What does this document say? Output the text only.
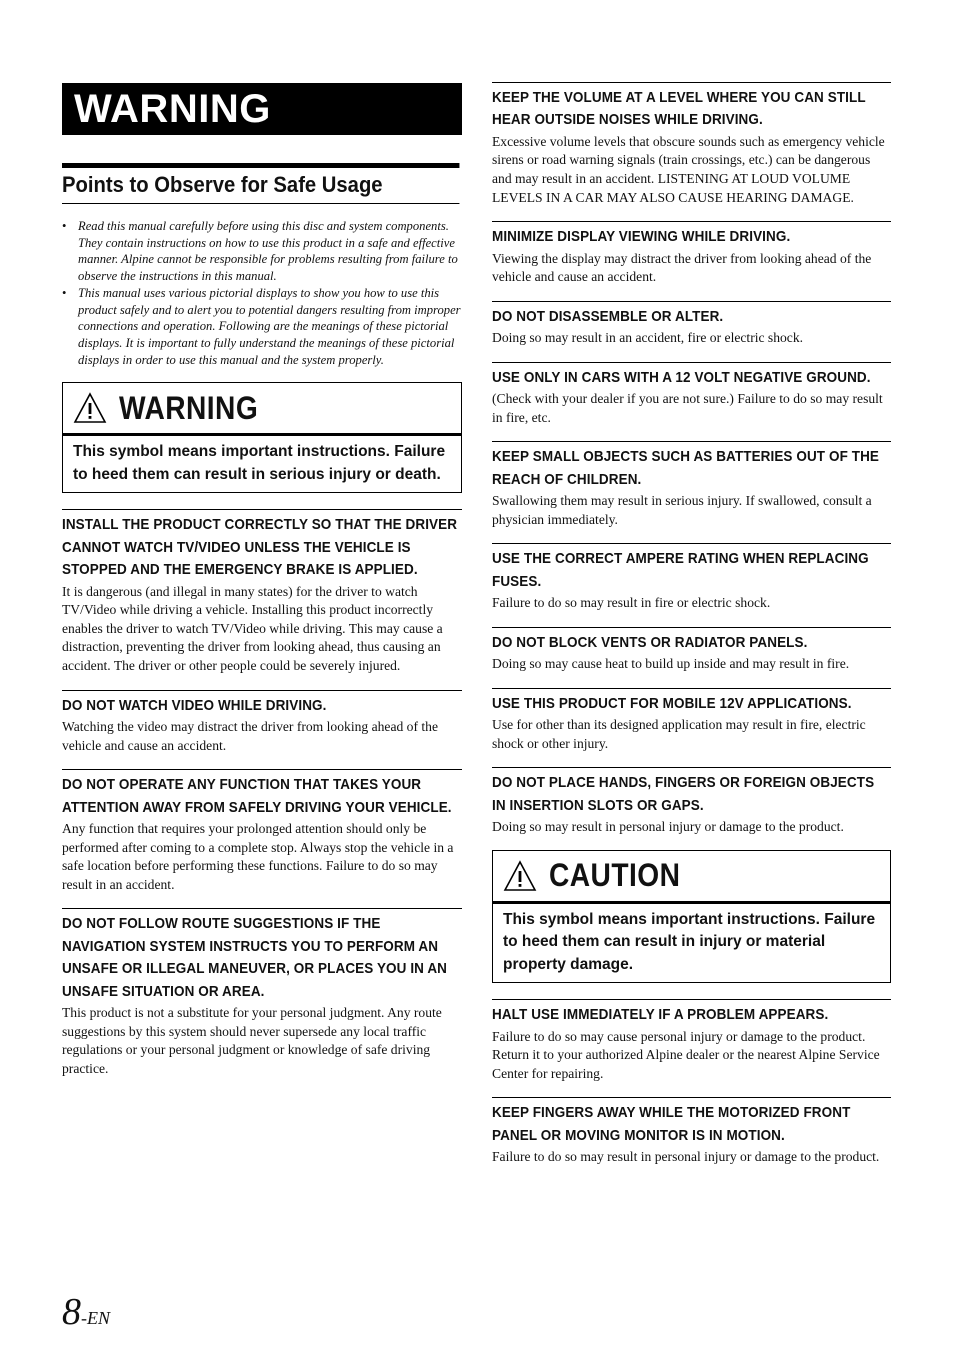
WARNING
Points to Observe for Safe Usage
• Read this manual carefully before using this disc and system components. They contain instructions on how to use this product in a safe and effective manner. Alpine cannot be responsible for problems resulting from failure to observe the instructions in this manual.
• This manual uses various pictorial displays to show you how to use this product safely and to alert you to potential dangers resulting from improper connections and operation. Following are the meanings of these pictorial displays. It is important to fully understand the meanings of these pictorial displays in order to use this manual and the system properly.
WARNING
This symbol means important instructions. Failure to heed them can result in serious injury or death.
INSTALL THE PRODUCT CORRECTLY SO THAT THE DRIVER CANNOT WATCH TV/VIDEO UNLESS THE VEHICLE IS STOPPED AND THE EMERGENCY BRAKE IS APPLIED.

It is dangerous (and illegal in many states) for the driver to watch TV/Video while driving a vehicle. Installing this product incorrectly enables the driver to watch TV/Video while driving. This may cause a distraction, preventing the driver from looking ahead, thus causing an accident. The driver or other people could be severely injured.

DO NOT WATCH VIDEO WHILE DRIVING.

Watching the video may distract the driver from looking ahead of the vehicle and cause an accident.

DO NOT OPERATE ANY FUNCTION THAT TAKES YOUR ATTENTION AWAY FROM SAFELY DRIVING YOUR VEHICLE.

Any function that requires your prolonged attention should only be performed after coming to a complete stop. Always stop the vehicle in a safe location before performing these functions. Failure to do so may result in an accident.

DO NOT FOLLOW ROUTE SUGGESTIONS IF THE NAVIGATION SYSTEM INSTRUCTS YOU TO PERFORM AN UNSAFE OR ILLEGAL MANEUVER, OR PLACES YOU IN AN UNSAFE SITUATION OR AREA.

This product is not a substitute for your personal judgment. Any route suggestions by this system should never supersede any local traffic regulations or your personal judgment or knowledge of safe driving practice.

KEEP THE VOLUME AT A LEVEL WHERE YOU CAN STILL HEAR OUTSIDE NOISES WHILE DRIVING.

Excessive volume levels that obscure sounds such as emergency vehicle sirens or road warning signals (train crossings, etc.) can be dangerous and may result in an accident. LISTENING AT LOUD VOLUME LEVELS IN A CAR MAY ALSO CAUSE HEARING DAMAGE.

MINIMIZE DISPLAY VIEWING WHILE DRIVING.

Viewing the display may distract the driver from looking ahead of the vehicle and cause an accident.

DO NOT DISASSEMBLE OR ALTER.

Doing so may result in an accident, fire or electric shock.

USE ONLY IN CARS WITH A 12 VOLT NEGATIVE GROUND.

(Check with your dealer if you are not sure.) Failure to do so may result in fire, etc.

KEEP SMALL OBJECTS SUCH AS BATTERIES OUT OF THE REACH OF CHILDREN.

Swallowing them may result in serious injury. If swallowed, consult a physician immediately.

USE THE CORRECT AMPERE RATING WHEN REPLACING FUSES.

Failure to do so may result in fire or electric shock.

DO NOT BLOCK VENTS OR RADIATOR PANELS.

Doing so may cause heat to build up inside and may result in fire.

USE THIS PRODUCT FOR MOBILE 12V APPLICATIONS.

Use for other than its designed application may result in fire, electric shock or other injury.

DO NOT PLACE HANDS, FINGERS OR FOREIGN OBJECTS IN INSERTION SLOTS OR GAPS.

Doing so may result in personal injury or damage to the product.

CAUTION
This symbol means important instructions. Failure to heed them can result in injury or material property damage.
HALT USE IMMEDIATELY IF A PROBLEM APPEARS.

Failure to do so may cause personal injury or damage to the product. Return it to your authorized Alpine dealer or the nearest Alpine Service Center for repairing.

KEEP FINGERS AWAY WHILE THE MOTORIZED FRONT PANEL OR MOVING MONITOR IS IN MOTION.

Failure to do so may result in personal injury or damage to the product.

8-EN
